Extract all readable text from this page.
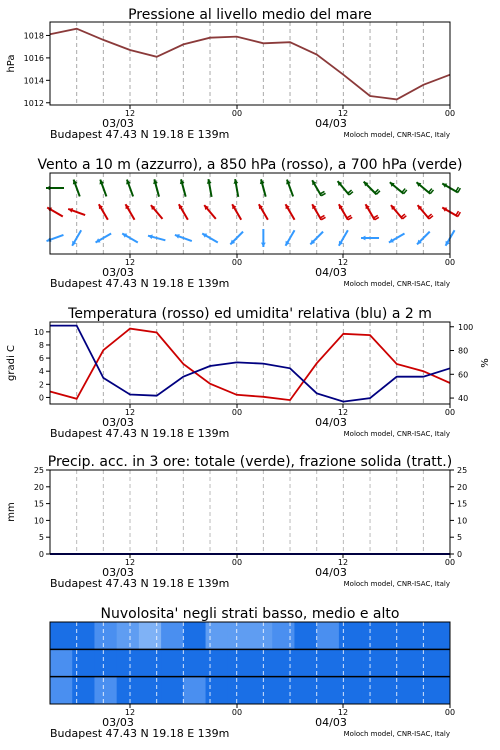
Pressione al livello medio del mare
1012
1014
1016
1018
hPa
12	00	12	00
03/03	04/03
Budapest 47.43 N 19.18 E 139m	Moloch model, CNR-ISAC, Italy
Vento a 10 m (azzurro), a 850 hPa (rosso), a 700 hPa (verde)
12	00	12	00
03/03	04/03
Budapest 47.43 N 19.18 E 139m	Moloch model, CNR-ISAC, Italy
Temperatura (rosso) ed umidita' relativa (blu) a 2 m
0
2
4
6
8
10
40
60
80
100
gradi C	%
12	00	12	00
03/03	04/03
Budapest 47.43 N 19.18 E 139m	Moloch model, CNR-ISAC, Italy
Precip. acc. in 3 ore: totale (verde), frazione solida (tratt.)
0	0
5	5
10	10
15	15
20	20
25	25
mm
12	00	12	00
03/03	04/03
Budapest 47.43 N 19.18 E 139m	Moloch model, CNR-ISAC, Italy
Nuvolosita' negli strati basso, medio e alto
12	00	12	00
03/03	04/03
Budapest 47.43 N 19.18 E 139m	Moloch model, CNR-ISAC, Italy
